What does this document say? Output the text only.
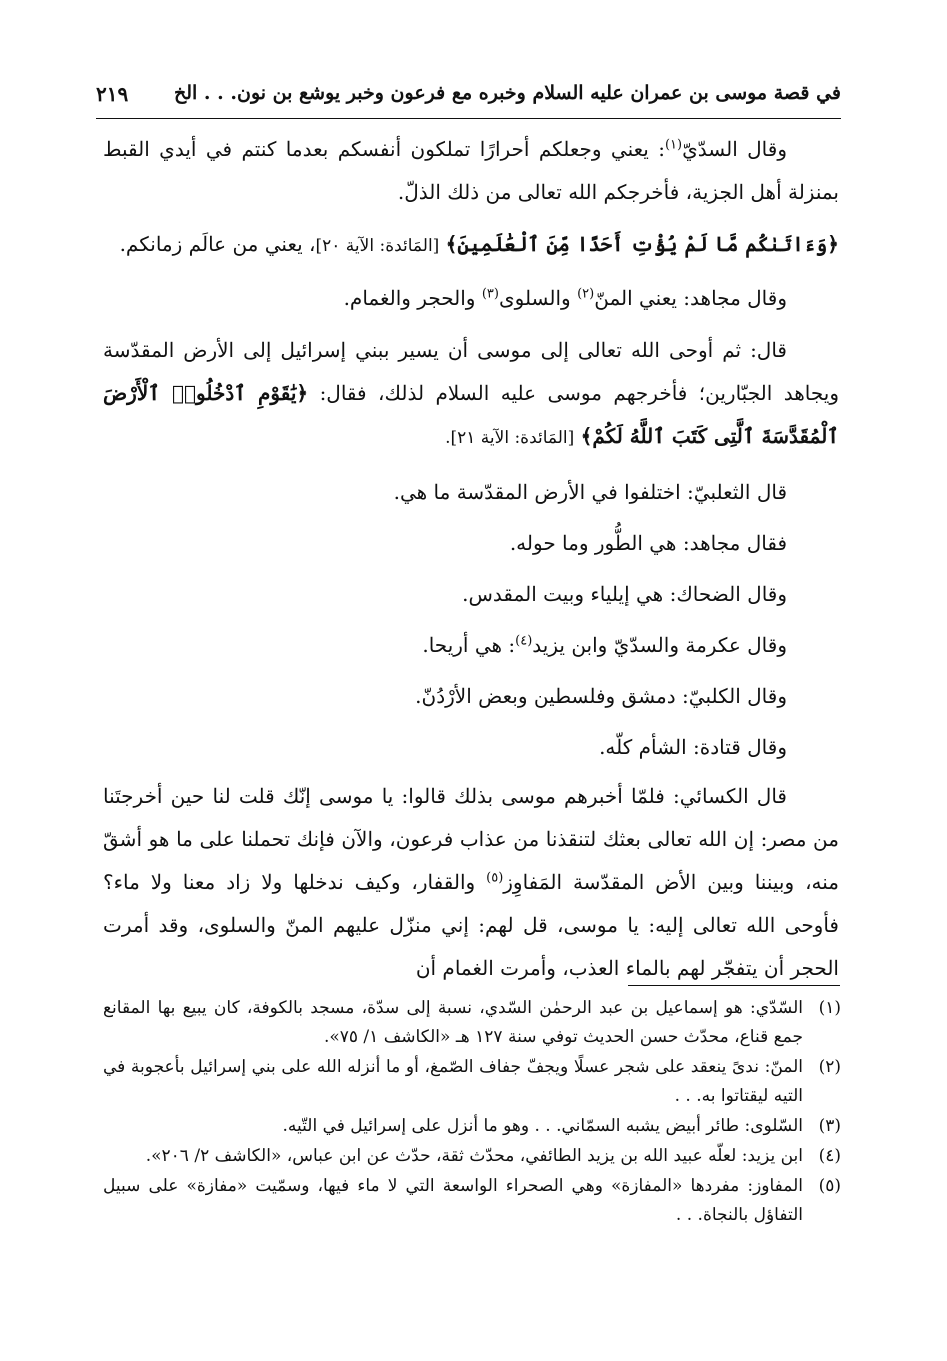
في قصة موسى بن عمران عليه السلام وخبره مع فرعون وخبر يوشع بن نون. . . الخ
٢١٩

وقال السدّيّ$^{(١)}$: يعني وجعلكم أحرارًا تملكون أنفسكم بعدما كنتم في أيدي القبط بمنزلة أهل الجزية، فأخرجكم الله تعالى من ذلك الذلّ.

﴿وَءَاتَىٰكُم مَّا لَمْ يُؤْتِ أَحَدًا مِّنَ ٱلْعَٰلَمِينَ﴾ [المَائدة: الآية ٢٠]، يعني من عالَم زمانكم.

وقال مجاهد: يعني المنّ$^{(٢)}$ والسلوى$^{(٣)}$ والحجر والغمام.

قال: ثم أوحى الله تعالى إلى موسى أن يسير ببني إسرائيل إلى الأرض المقدّسة ويجاهد الجبّارين؛ فأخرجهم موسى عليه السلام لذلك، فقال: ﴿يَٰقَوْمِ ٱدْخُلُوا۟ ٱلْأَرْضَ ٱلْمُقَدَّسَةَ ٱلَّتِى كَتَبَ ٱللَّهُ لَكُمْ﴾ [المَائدة: الآية ٢١].

قال الثعلبيّ: اختلفوا في الأرض المقدّسة ما هي.

فقال مجاهد: هي الطُّور وما حوله.

وقال الضحاك: هي إيلياء وبيت المقدس.

وقال عكرمة والسدّيّ وابن يزيد$^{(٤)}$: هي أريحا.

وقال الكلبيّ: دمشق وفلسطين وبعض الأرْدُنّ.

وقال قتادة: الشأم كلّه.

قال الكسائي: فلمّا أخبرهم موسى بذلك قالوا: يا موسى إنّك قلت لنا حين أخرجتَنا من مصر: إن الله تعالى بعثك لتنقذنا من عذاب فرعون، والآن فإنك تحملنا على ما هو أشقّ منه، وبيننا وبين الأض المقدّسة المَفاوِز$^{(٥)}$ والقفار، وكيف ندخلها ولا زاد معنا ولا ماء؟ فأوحى الله تعالى إليه: يا موسى، قل لهم: إني منزّل عليهم المنّ والسلوى، وقد أمرت الحجر أن يتفجّر لهم بالماء العذب، وأمرت الغمام أن

(١)
السّدّي: هو إسماعيل بن عبد الرحمٰن السّدي، نسبة إلى سدّة، مسجد بالكوفة، كان يبيع بها المقانع جمع قناع، محدّث حسن الحديث توفي سنة ١٢٧ هـ «الكاشف ١/ ٧٥».
(٢)
المنّ: ندىً ينعقد على شجر عسلًا ويجفّ جفاف الصّمغ، أو ما أنزله الله على بني إسرائيل بأعجوبة في التيه ليقتاتوا به. . .
(٣)
السّلوى: طائر أبيض يشبه السمّاني. . . وهو ما أنزل على إسرائيل في التّيه.
(٤)
ابن يزيد: لعلّه عبيد الله بن يزيد الطائفي، محدّث ثقة، حدّث عن ابن عباس، «الكاشف ٢/ ٢٠٦».
(٥)
المفاوز: مفردها «المفازة» وهي الصحراء الواسعة التي لا ماء فيها، وسمّيت «مفازة» على سبيل التفاؤل بالنجاة. . .
